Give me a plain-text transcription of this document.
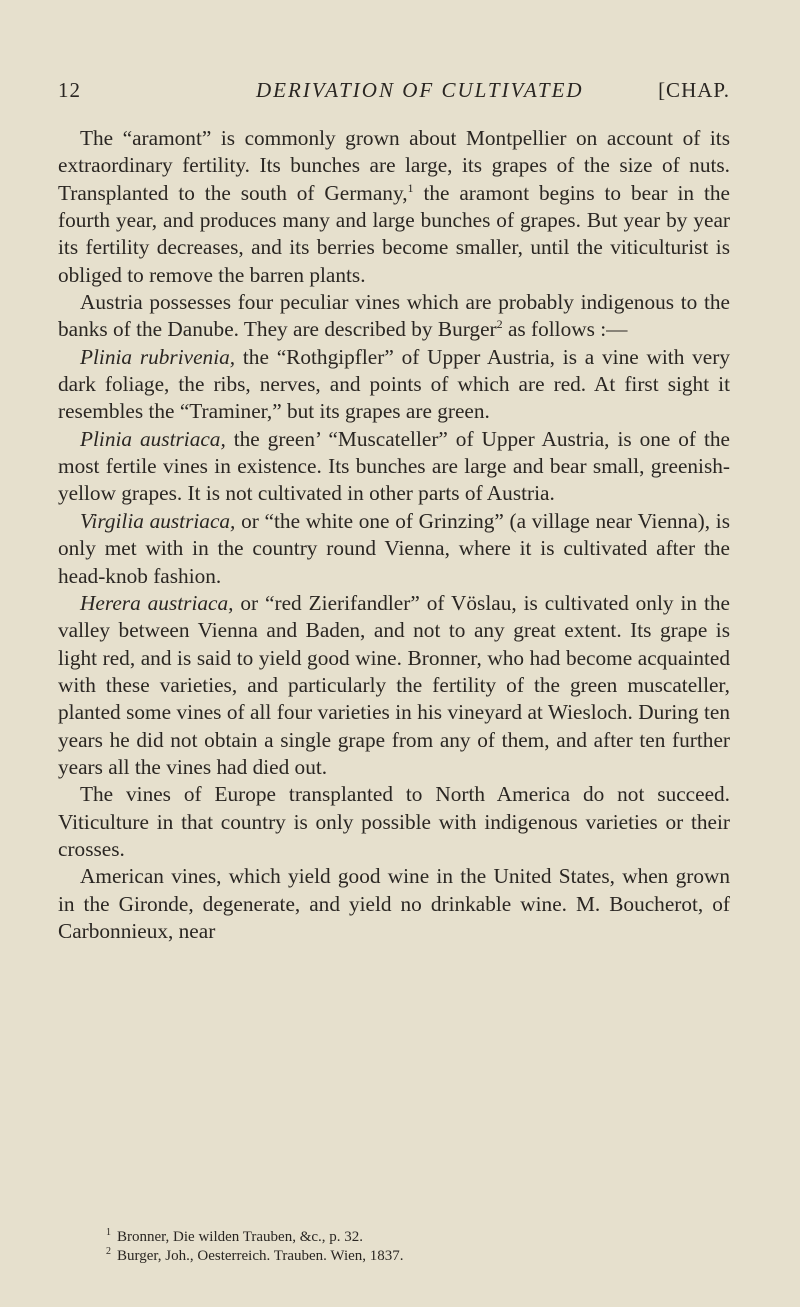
12	DERIVATION OF CULTIVATED	[CHAP.

The “aramont” is commonly grown about Montpellier on account of its extraordinary fertility. Its bunches are large, its grapes of the size of nuts. Transplanted to the south of Germany,$^1$ the aramont begins to bear in the fourth year, and produces many and large bunches of grapes. But year by year its fertility decreases, and its berries become smaller, until the viticulturist is obliged to remove the barren plants.

Austria possesses four peculiar vines which are probably indigenous to the banks of the Danube. They are described by Burger$^2$ as follows :—

Plinia rubrivenia, the “Rothgipfler” of Upper Austria, is a vine with very dark foliage, the ribs, nerves, and points of which are red. At first sight it resembles the “Traminer,” but its grapes are green.

Plinia austriaca, the green’ “Muscateller” of Upper Austria, is one of the most fertile vines in existence. Its bunches are large and bear small, greenish-yellow grapes. It is not cultivated in other parts of Austria.

Virgilia austriaca, or “the white one of Grinzing” (a village near Vienna), is only met with in the country round Vienna, where it is cultivated after the head-knob fashion.

Herera austriaca, or “red Zierifandler” of Vöslau, is cultivated only in the valley between Vienna and Baden, and not to any great extent. Its grape is light red, and is said to yield good wine. Bronner, who had become acquainted with these varieties, and particularly the fertility of the green muscateller, planted some vines of all four varieties in his vineyard at Wiesloch. During ten years he did not obtain a single grape from any of them, and after ten further years all the vines had died out.

The vines of Europe transplanted to North America do not succeed. Viticulture in that country is only possible with indigenous varieties or their crosses.

American vines, which yield good wine in the United States, when grown in the Gironde, degenerate, and yield no drinkable wine. M. Boucherot, of Carbonnieux, near

$^1$ Bronner, Die wilden Trauben, &c., p. 32.
$^2$ Burger, Joh., Oesterreich. Trauben. Wien, 1837.
